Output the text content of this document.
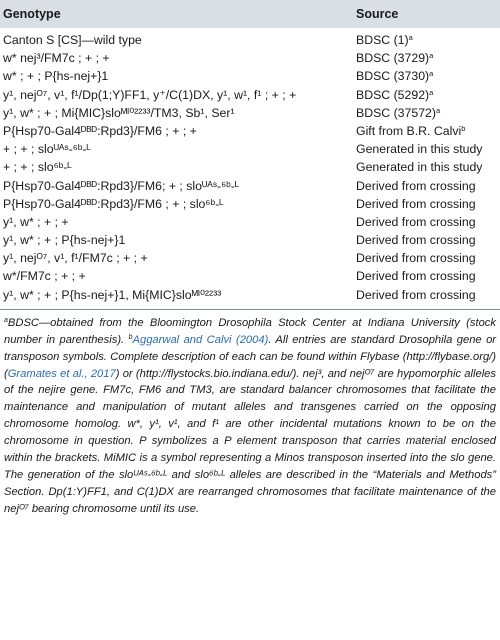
Genotype	Source
Canton S [CS]—wild type	BDSC $(1)^a$
w* nej³/FM7c ; + ; +	BDSC $(3729)^a$
w* ; + ; P{hs-nej+}1	BDSC $(3730)^a$
y¹, nejᴼ⁷, v¹, f¹/Dp(1;Y)FF1, y⁺/C(1)DX, y¹, w¹, f¹ ; + ; +	BDSC $(5292)^a$
y¹, w* ; + ; Mi{MIC}sloᴹᴵ⁰²²³³/TM3, Sb¹, Ser¹	BDSC $(37572)^a$
P{Hsp70-Gal4ᴰᴮᴰ:Rpd3}/FM6 ; + ; +	Gift from B.R. Calvi$^b$
+ ; + ; sloᵁᴬˢ-⁶ᵇ-ᴸ	Generated in this study
+ ; + ; slo⁶ᵇ-ᴸ	Generated in this study
P{Hsp70-Gal4ᴰᴮᴰ:Rpd3}/FM6; + ; sloᵁᴬˢ-⁶ᵇ-ᴸ	Derived from crossing
P{Hsp70-Gal4ᴰᴮᴰ:Rpd3}/FM6 ; + ; slo⁶ᵇ-ᴸ	Derived from crossing
y¹, w* ; + ; +	Derived from crossing
y¹, w* ; + ; P{hs-nej+}1	Derived from crossing
y¹, nejᴼ⁷, v¹, f¹/FM7c ; + ; +	Derived from crossing
w*/FM7c ; + ; +	Derived from crossing
y¹, w* ; + ; P{hs-nej+}1, Mi{MIC}sloᴹᴵ⁰²²³³	Derived from crossing
$^a$BDSC—obtained from the Bloomington Drosophila Stock Center at Indiana University (stock number in parenthesis). $^b$Aggarwal and Calvi (2004). All entries are standard Drosophila gene or transposon symbols. Complete description of each can be found within Flybase (http://flybase.org/) (Gramates et al., 2017) or (http://flystocks.bio.indiana.edu/). nej³, and nejᴼ⁷ are hypomorphic alleles of the nejire gene. FM7c, FM6 and TM3, are standard balancer chromosomes that facilitate the maintenance and manipulation of mutant alleles and transgenes carried on the opposing chromosome homolog. w*, y¹, v¹, and f¹ are other incidental mutations known to be on the chromosome in question. P symbolizes a P element transposon that carries material enclosed within the brackets. MiMIC is a symbol representing a Minos transposon inserted into the slo gene. The generation of the sloᵁᴬˢ-⁶ᵇ-ᴸ and slo⁶ᵇ-ᴸ alleles are described in the “Materials and Methods” Section. Dp(1:Y)FF1, and C(1)DX are rearranged chromosomes that facilitate maintenance of the nejᴼ⁷ bearing chromosome until its use.
